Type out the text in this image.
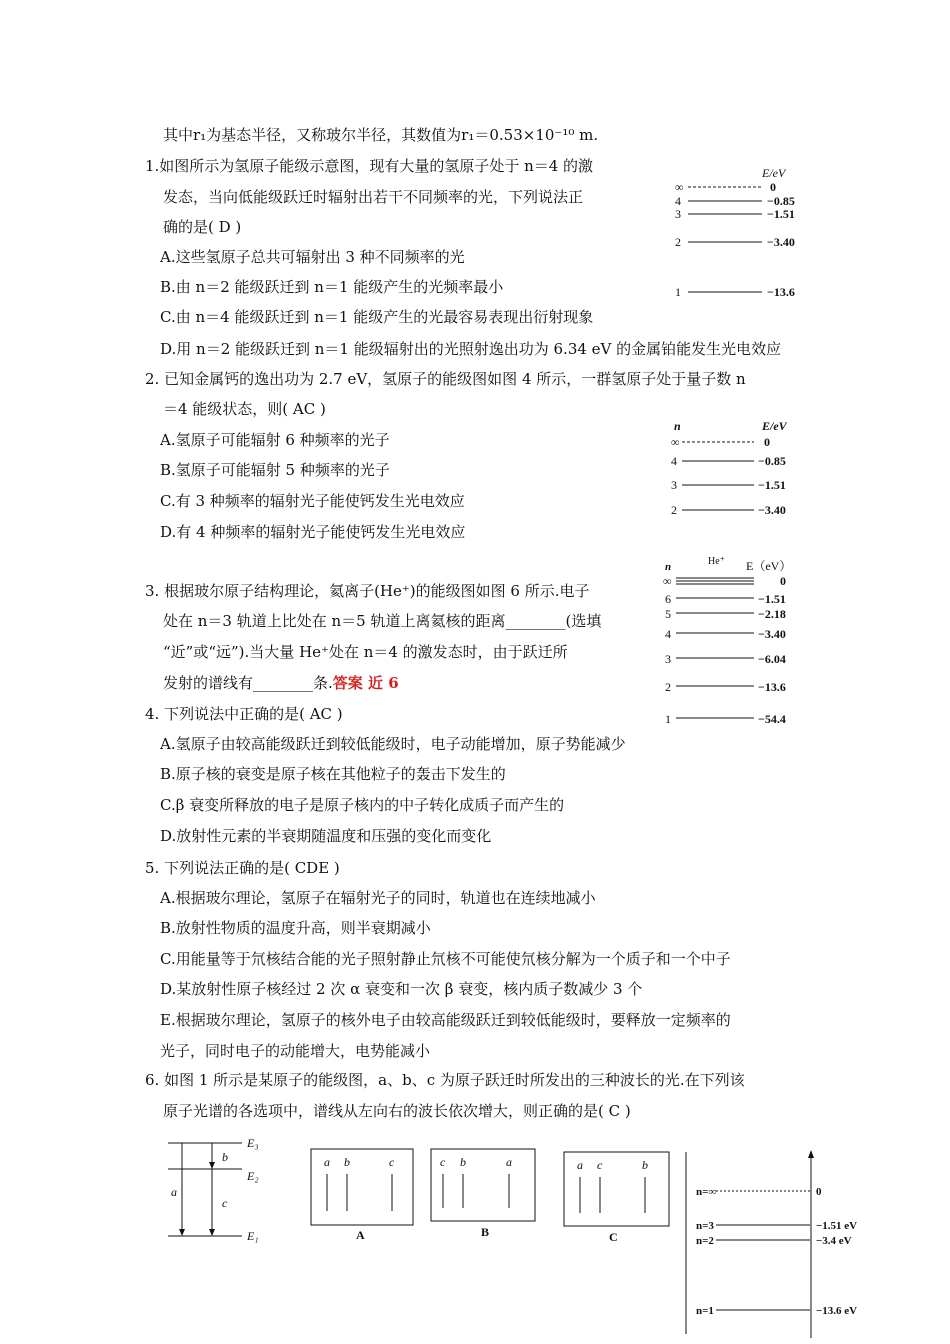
其中r₁为基态半径，又称玻尔半径，其数值为r₁＝0.53×10⁻¹⁰ m.
1.如图所示为氢原子能级示意图，现有大量的氢原子处于 n＝4 的激
发态，当向低能级跃迁时辐射出若干不同频率的光，下列说法正
确的是( D )
A.这些氢原子总共可辐射出 3 种不同频率的光
B.由 n＝2 能级跃迁到 n＝1 能级产生的光频率最小
C.由 n＝4 能级跃迁到 n＝1 能级产生的光最容易表现出衍射现象
D.用 n＝2 能级跃迁到 n＝1 能级辐射出的光照射逸出功为 6.34 eV 的金属铂能发生光电效应
E/eV
∞	0
4	−0.85
3	−1.51
2	−3.40
1	−13.6
2. 已知金属钙的逸出功为 2.7 eV，氢原子的能级图如图 4 所示，一群氢原子处于量子数 n
＝4 能级状态，则( AC )
A.氢原子可能辐射 6 种频率的光子
B.氢原子可能辐射 5 种频率的光子
C.有 3 种频率的辐射光子能使钙发生光电效应
D.有 4 种频率的辐射光子能使钙发生光电效应
n	E/eV
∞	0
4	−0.85
3	−1.51
2	−3.40
3. 根据玻尔原子结构理论，氦离子(He⁺)的能级图如图 6 所示.电子
处在 n＝3 轨道上比处在 n＝5 轨道上离氦核的距离________(选填
“近”或“远”).当大量 He⁺处在 n＝4 的激发态时，由于跃迁所
发射的谱线有________条.答案 近 6
n	He⁺ E（eV）
∞	0
6	−1.51
5	−2.18
4	−3.40
3	−6.04
2	−13.6
1	−54.4
4. 下列说法中正确的是( AC )
A.氢原子由较高能级跃迁到较低能级时，电子动能增加，原子势能减少
B.原子核的衰变是原子核在其他粒子的轰击下发生的
C.β 衰变所释放的电子是原子核内的中子转化成质子而产生的
D.放射性元素的半衰期随温度和压强的变化而变化
5. 下列说法正确的是( CDE )
A.根据玻尔理论，氢原子在辐射光子的同时，轨道也在连续地减小
B.放射性物质的温度升高，则半衰期减小
C.用能量等于氘核结合能的光子照射静止氘核不可能使氘核分解为一个质子和一个中子
D.某放射性原子核经过 2 次 α 衰变和一次 β 衰变，核内质子数减少 3 个
E.根据玻尔理论，氢原子的核外电子由较高能级跃迁到较低能级时，要释放一定频率的
光子，同时电子的动能增大，电势能减小
6. 如图 1 所示是某原子的能级图，a、b、c 为原子跃迁时所发出的三种波长的光.在下列该
原子光谱的各选项中，谱线从左向右的波长依次增大，则正确的是( C )
E₃
E₂
E₁
a
b
c
a b	c
A
c b	a
B
a c	b
C
n=∞	0
n=3	−1.51 eV
n=2	−3.4 eV
n=1	−13.6 eV
